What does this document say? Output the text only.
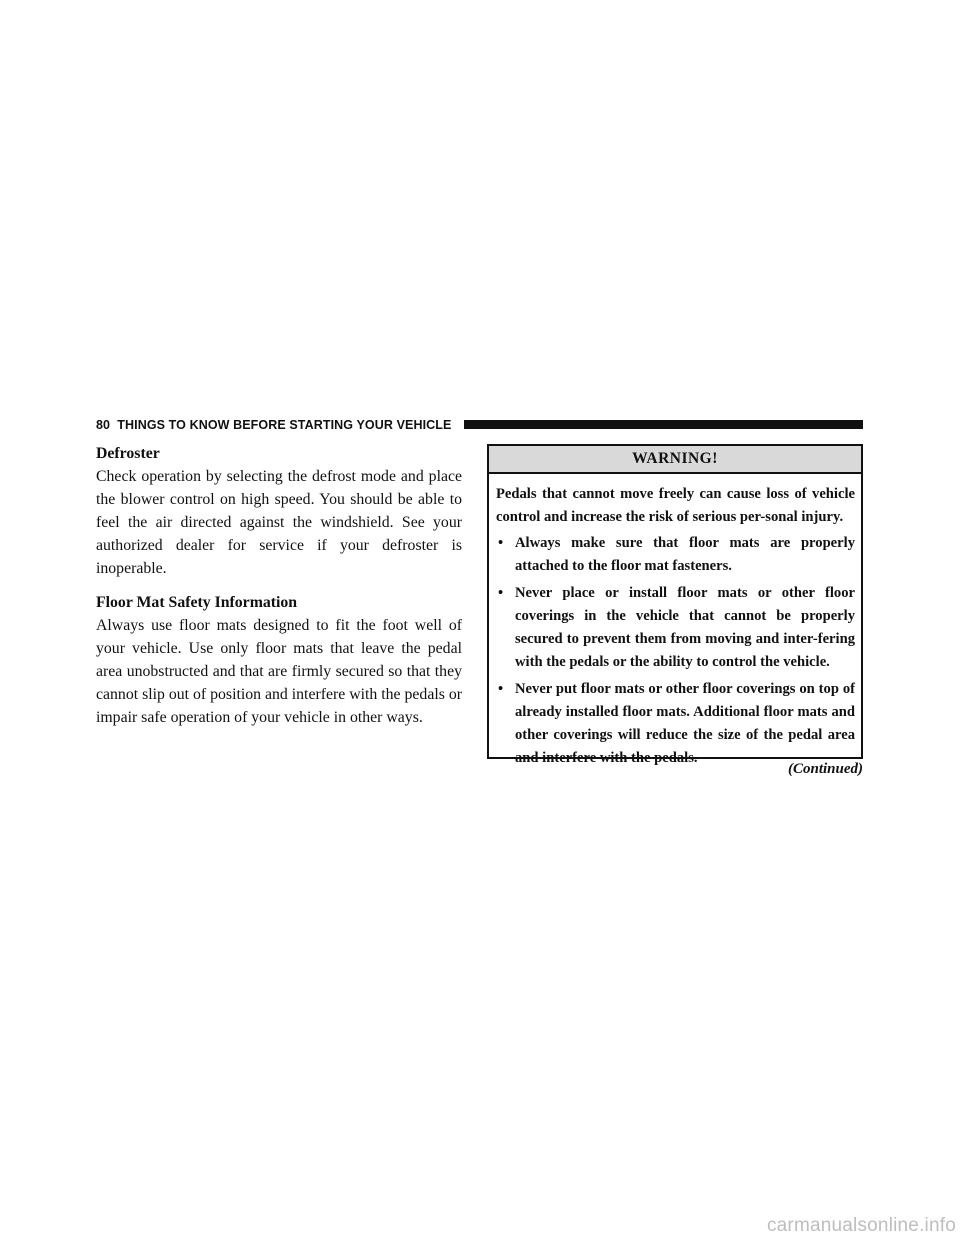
80 THINGS TO KNOW BEFORE STARTING YOUR VEHICLE
Defroster

Check operation by selecting the defrost mode and place the blower control on high speed. You should be able to feel the air directed against the windshield. See your authorized dealer for service if your defroster is inoperable.

Floor Mat Safety Information

Always use floor mats designed to fit the foot well of your vehicle. Use only floor mats that leave the pedal area unobstructed and that are firmly secured so that they cannot slip out of position and interfere with the pedals or impair safe operation of your vehicle in other ways.

WARNING!

Pedals that cannot move freely can cause loss of vehicle control and increase the risk of serious per-sonal injury.

• Always make sure that floor mats are properly attached to the floor mat fasteners.
• Never place or install floor mats or other floor coverings in the vehicle that cannot be properly secured to prevent them from moving and inter-fering with the pedals or the ability to control the vehicle.
• Never put floor mats or other floor coverings on top of already installed floor mats. Additional floor mats and other coverings will reduce the size of the pedal area and interfere with the pedals.
(Continued)
carmanualsonline.info
